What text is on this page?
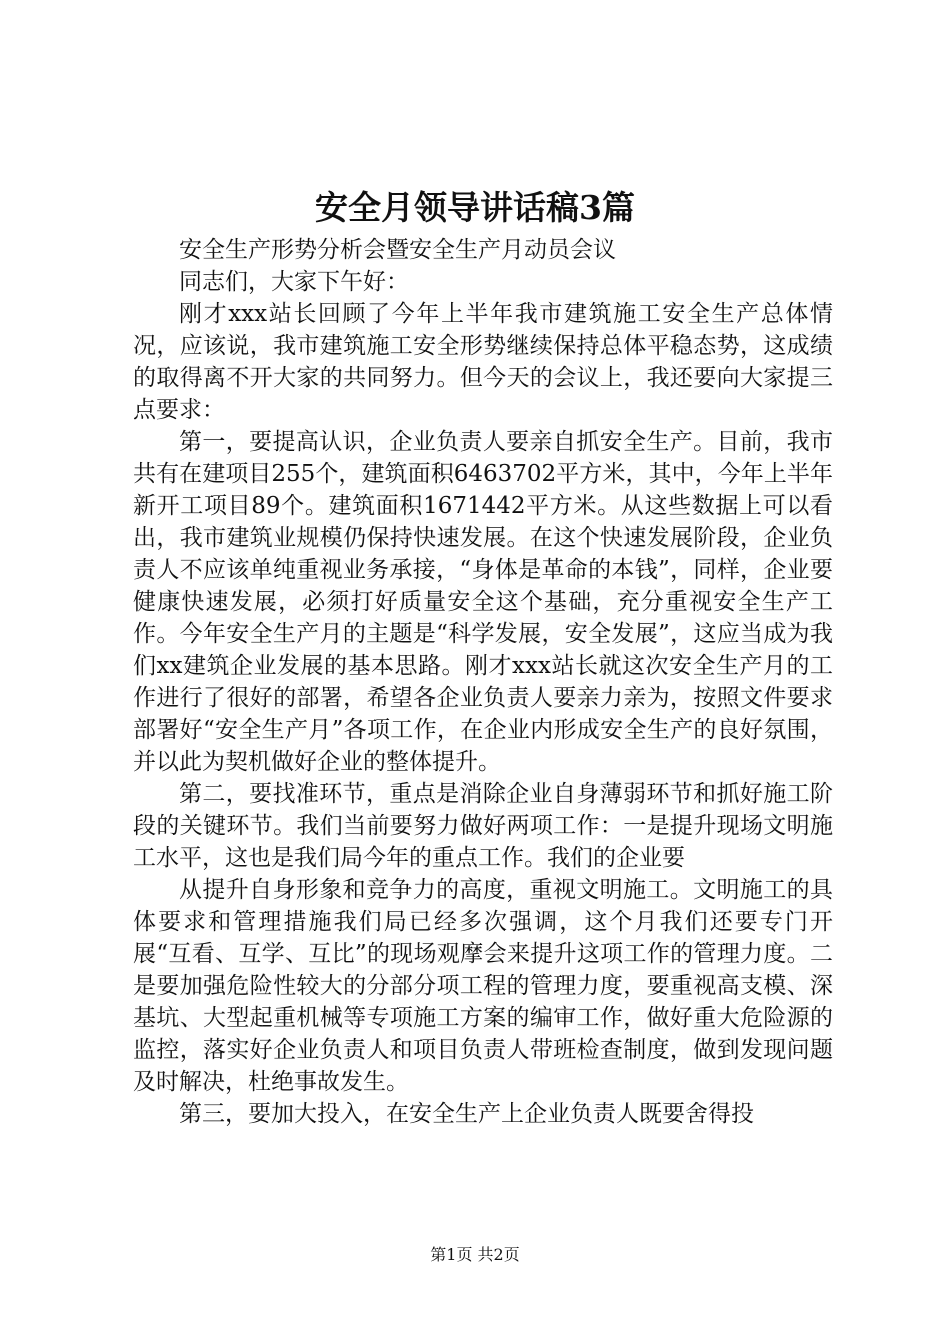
安全月领导讲话稿3篇

安全生产形势分析会暨安全生产月动员会议

同志们，大家下午好：

刚才xxx站长回顾了今年上半年我市建筑施工安全生产总体情况，应该说，我市建筑施工安全形势继续保持总体平稳态势，这成绩的取得离不开大家的共同努力。但今天的会议上，我还要向大家提三点要求：

第一，要提高认识，企业负责人要亲自抓安全生产。目前，我市共有在建项目255个，建筑面积6463702平方米，其中，今年上半年新开工项目89个。建筑面积1671442平方米。从这些数据上可以看出，我市建筑业规模仍保持快速发展。在这个快速发展阶段，企业负责人不应该单纯重视业务承接，“身体是革命的本钱”，同样，企业要健康快速发展，必须打好质量安全这个基础，充分重视安全生产工作。今年安全生产月的主题是“科学发展，安全发展”，这应当成为我们xx建筑企业发展的基本思路。刚才xxx站长就这次安全生产月的工作进行了很好的部署，希望各企业负责人要亲力亲为，按照文件要求部署好“安全生产月”各项工作，在企业内形成安全生产的良好氛围，并以此为契机做好企业的整体提升。

第二，要找准环节，重点是消除企业自身薄弱环节和抓好施工阶段的关键环节。我们当前要努力做好两项工作：一是提升现场文明施工水平，这也是我们局今年的重点工作。我们的企业要

从提升自身形象和竞争力的高度，重视文明施工。文明施工的具体要求和管理措施我们局已经多次强调，这个月我们还要专门开展“互看、互学、互比”的现场观摩会来提升这项工作的管理力度。二是要加强危险性较大的分部分项工程的管理力度，要重视高支模、深基坑、大型起重机械等专项施工方案的编审工作，做好重大危险源的监控，落实好企业负责人和项目负责人带班检查制度，做到发现问题及时解决，杜绝事故发生。

第三，要加大投入，在安全生产上企业负责人既要舍得投

第1页 共2页
